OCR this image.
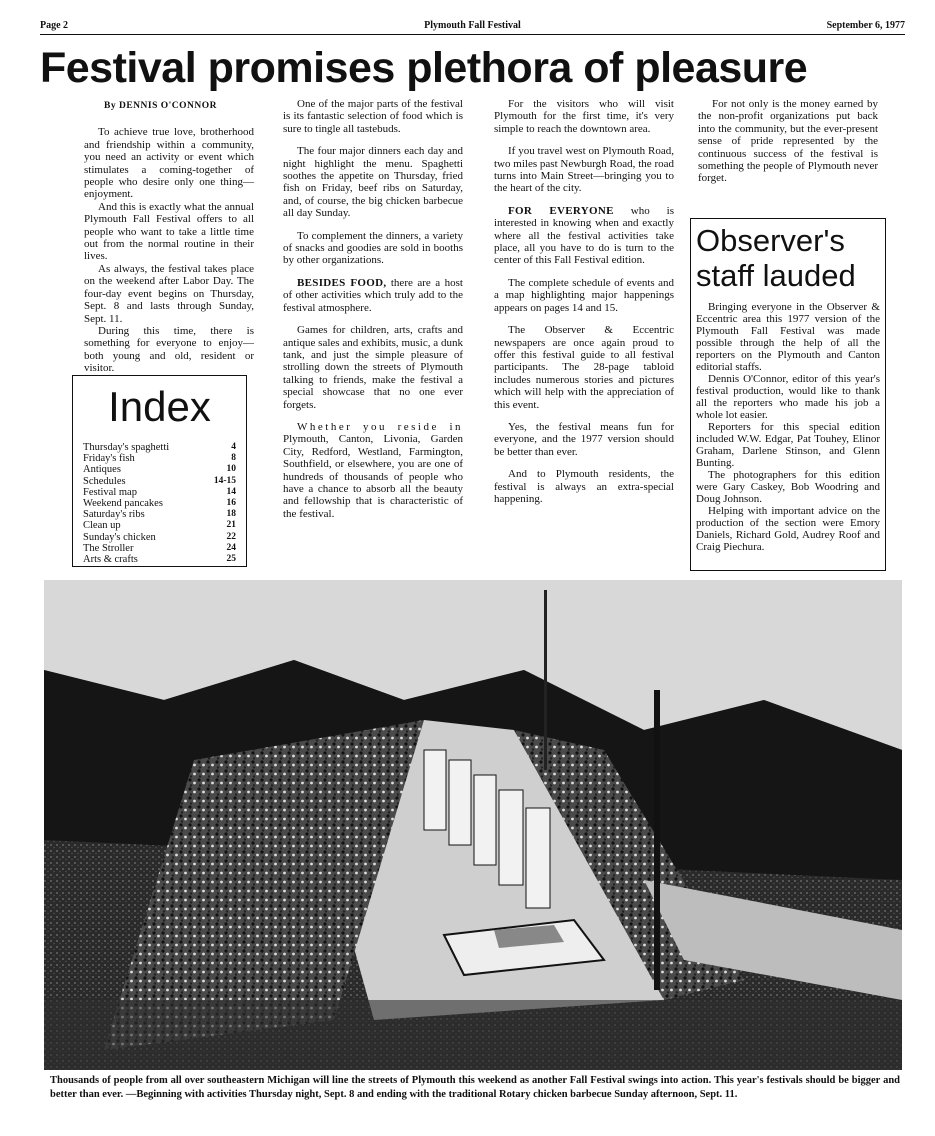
Page 2	Plymouth Fall Festival	September 6, 1977
Festival promises plethora of pleasure
By DENNIS O'CONNOR

To achieve true love, brotherhood and friendship within a community, you need an activity or event which stimulates a coming-together of people who desire only one thing—enjoyment.

And this is exactly what the annual Plymouth Fall Festival offers to all people who want to take a little time out from the normal routine in their lives.

As always, the festival takes place on the weekend after Labor Day. The four-day event begins on Thursday, Sept. 8 and lasts through Sunday, Sept. 11.

During this time, there is something for everyone to enjoy—both young and old, resident or visitor.

Index
Thursday's spaghetti	4
Friday's fish	8
Antiques	10
Schedules	14-15
Festival map	14
Weekend pancakes	16
Saturday's ribs	18
Clean up	21
Sunday's chicken	22
The Stroller	24
Arts & crafts	25

One of the major parts of the festival is its fantastic selection of food which is sure to tingle all tastebuds.

The four major dinners each day and night highlight the menu. Spaghetti soothes the appetite on Thursday, fried fish on Friday, beef ribs on Saturday, and, of course, the big chicken barbecue all day Sunday.

To complement the dinners, a variety of snacks and goodies are sold in booths by other organizations.

BESIDES FOOD, there are a host of other activities which truly add to the festival atmosphere.

Games for children, arts, crafts and antique sales and exhibits, music, a dunk tank, and just the simple pleasure of strolling down the streets of Plymouth talking to friends, make the festival a special showcase that no one ever forgets.

Whether you reside in Plymouth, Canton, Livonia, Garden City, Redford, Westland, Farmington, Southfield, or elsewhere, you are one of hundreds of thousands of people who have a chance to absorb all the beauty and fellowship that is characteristic of the festival.

For the visitors who will visit Plymouth for the first time, it's very simple to reach the downtown area.

If you travel west on Plymouth Road, two miles past Newburgh Road, the road turns into Main Street—bringing you to the heart of the city.

FOR EVERYONE who is interested in knowing when and exactly where all the festival activities take place, all you have to do is turn to the center of this Fall Festival edition.

The complete schedule of events and a map highlighting major happenings appears on pages 14 and 15.

The Observer & Eccentric newspapers are once again proud to offer this festival guide to all festival participants. The 28-page tabloid includes numerous stories and pictures which will help with the appreciation of this event.

Yes, the festival means fun for everyone, and the 1977 version should be better than ever.

And to Plymouth residents, the festival is always an extra-special happening.

For not only is the money earned by the non-profit organizations put back into the community, but the ever-present sense of pride represented by the continuous success of the festival is something the people of Plymouth never forget.

Observer's
staff lauded

Bringing everyone in the Observer & Eccentric area this 1977 version of the Plymouth Fall Festival was made possible through the help of all the reporters on the Plymouth and Canton editorial staffs.

Dennis O'Connor, editor of this year's festival production, would like to thank all the reporters who made his job a whole lot easier.

Reporters for this special edition included W.W. Edgar, Pat Touhey, Elinor Graham, Darlene Stinson, and Glenn Bunting.

The photographers for this edition were Gary Caskey, Bob Woodring and Doug Johnson.

Helping with important advice on the production of the section were Emory Daniels, Richard Gold, Audrey Roof and Craig Piechura.

Thousands of people from all over southeastern Michigan will line the streets of Plymouth this weekend as another Fall Festival swings into action. This year's festivals should be bigger and better than ever. —Beginning with activities Thursday night, Sept. 8 and ending with the traditional Rotary chicken barbecue Sunday afternoon, Sept. 11.
